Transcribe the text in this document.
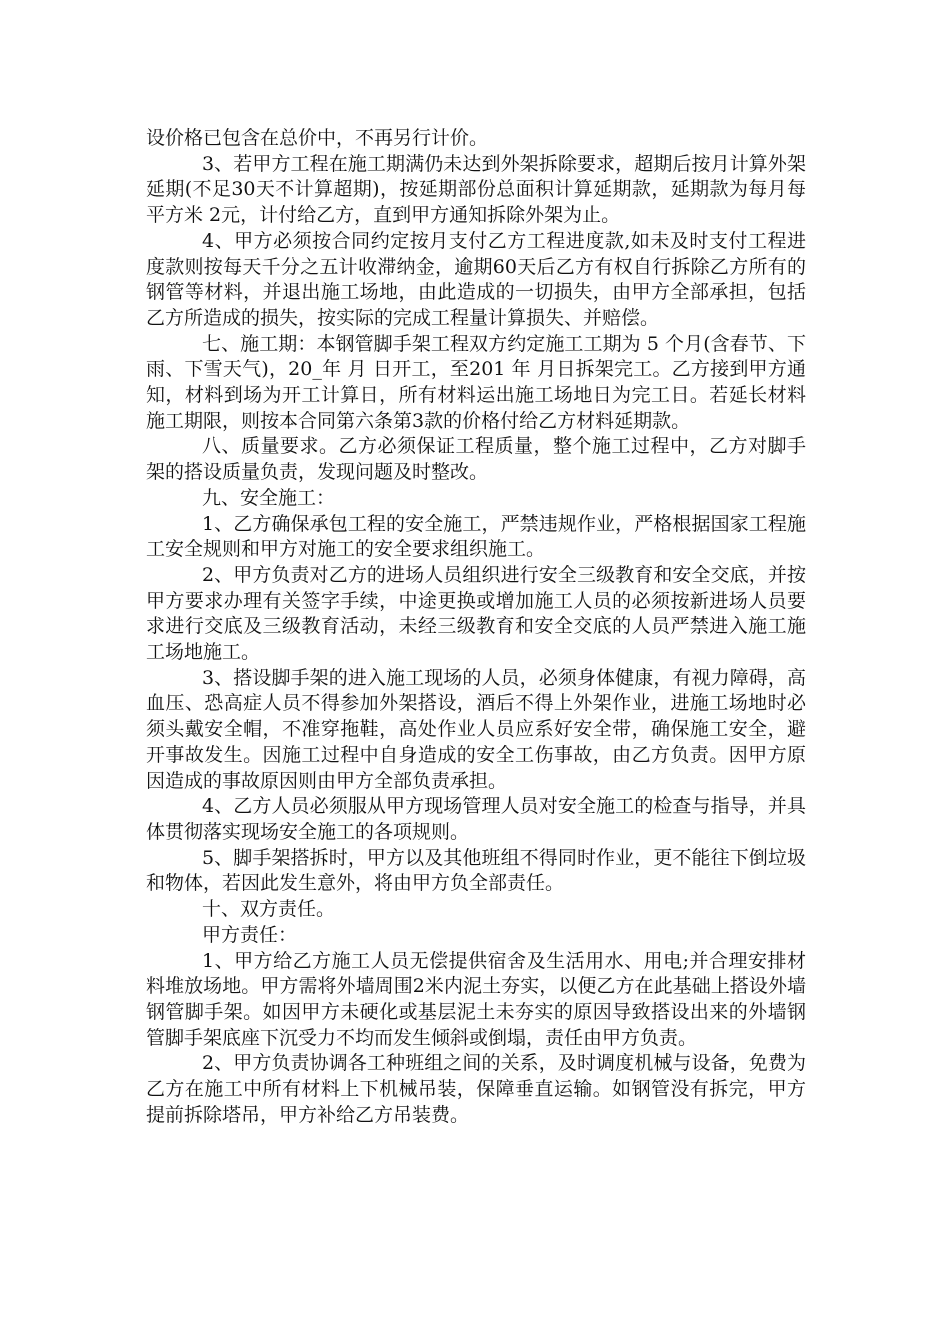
设价格已包含在总价中，不再另行计价。

3、若甲方工程在施工期满仍未达到外架拆除要求，超期后按月计算外架延期(不足30天不计算超期)，按延期部份总面积计算延期款，延期款为每月每平方米 2元，计付给乙方，直到甲方通知拆除外架为止。

4、甲方必须按合同约定按月支付乙方工程进度款,如未及时支付工程进度款则按每天千分之五计收滞纳金，逾期60天后乙方有权自行拆除乙方所有的钢管等材料，并退出施工场地，由此造成的一切损失，由甲方全部承担，包括乙方所造成的损失，按实际的完成工程量计算损失、并赔偿。

七、施工期：本钢管脚手架工程双方约定施工工期为 5 个月(含春节、下雨、下雪天气)，20_年 月 日开工，至201 年 月日拆架完工。乙方接到甲方通知，材料到场为开工计算日，所有材料运出施工场地日为完工日。若延长材料施工期限，则按本合同第六条第3款的价格付给乙方材料延期款。

八、质量要求。乙方必须保证工程质量，整个施工过程中，乙方对脚手架的搭设质量负责，发现问题及时整改。

九、安全施工：

1、乙方确保承包工程的安全施工，严禁违规作业，严格根据国家工程施工安全规则和甲方对施工的安全要求组织施工。

2、甲方负责对乙方的进场人员组织进行安全三级教育和安全交底，并按甲方要求办理有关签字手续，中途更换或增加施工人员的必须按新进场人员要求进行交底及三级教育活动，未经三级教育和安全交底的人员严禁进入施工施工场地施工。

3、搭设脚手架的进入施工现场的人员，必须身体健康，有视力障碍，高血压、恐高症人员不得参加外架搭设，酒后不得上外架作业，进施工场地时必须头戴安全帽，不准穿拖鞋，高处作业人员应系好安全带，确保施工安全，避开事故发生。因施工过程中自身造成的安全工伤事故，由乙方负责。因甲方原因造成的事故原因则由甲方全部负责承担。

4、乙方人员必须服从甲方现场管理人员对安全施工的检查与指导，并具体贯彻落实现场安全施工的各项规则。

5、脚手架搭拆时，甲方以及其他班组不得同时作业，更不能往下倒垃圾和物体，若因此发生意外，将由甲方负全部责任。

十、双方责任。

甲方责任：

1、甲方给乙方施工人员无偿提供宿舍及生活用水、用电;并合理安排材料堆放场地。甲方需将外墙周围2米内泥土夯实，以便乙方在此基础上搭设外墙钢管脚手架。如因甲方未硬化或基层泥土未夯实的原因导致搭设出来的外墙钢管脚手架底座下沉受力不均而发生倾斜或倒塌，责任由甲方负责。

2、甲方负责协调各工种班组之间的关系，及时调度机械与设备，免费为乙方在施工中所有材料上下机械吊装，保障垂直运输。如钢管没有拆完，甲方提前拆除塔吊，甲方补给乙方吊装费。
